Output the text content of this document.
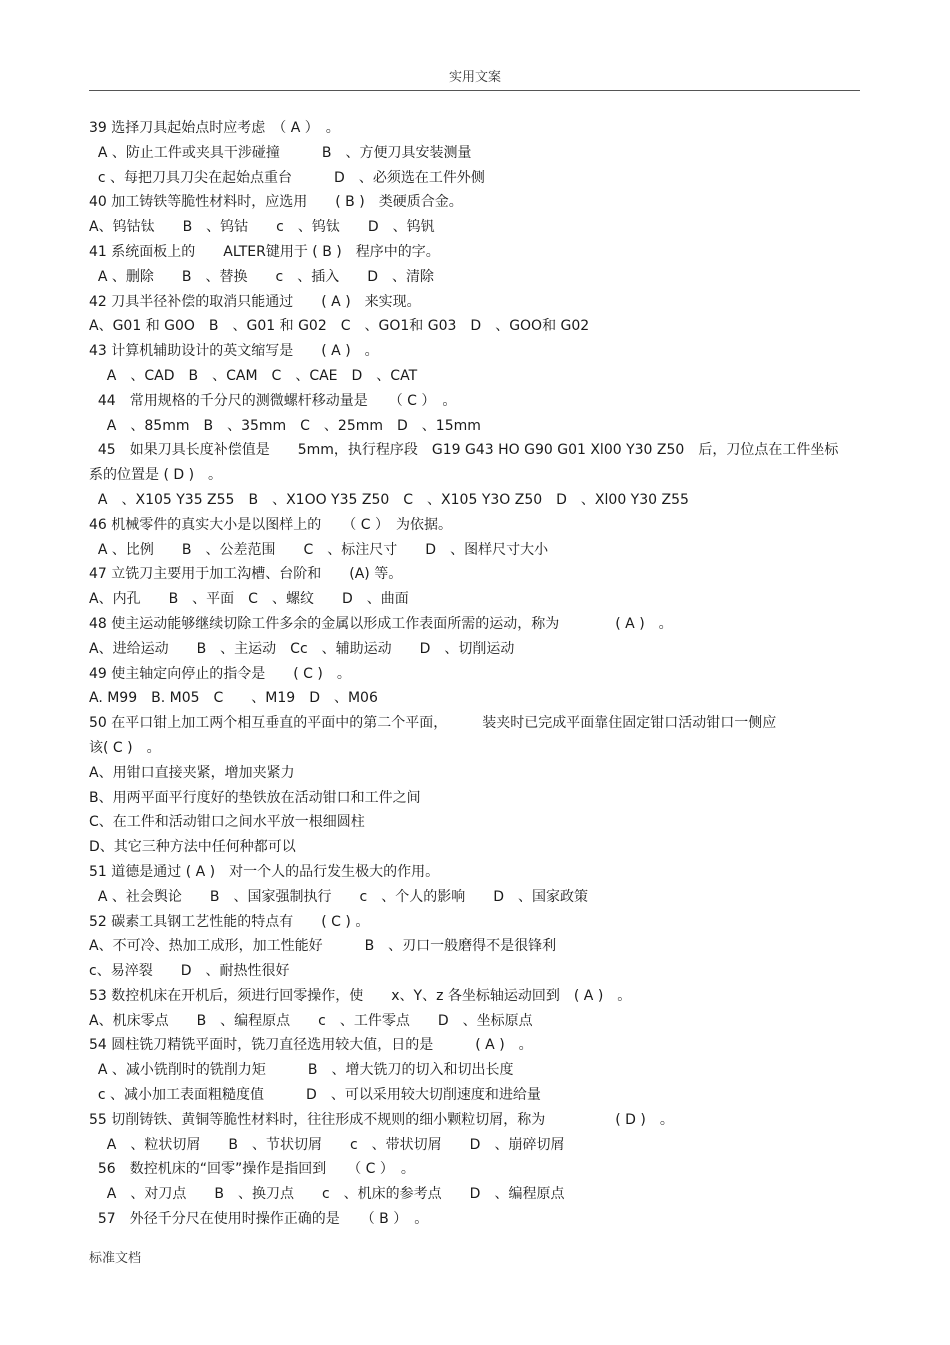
实用文案
39 选择刀具起始点时应考虑　（ A ）　。
A 、防止工件或夹具干涉碰撞　　　B　、方便刀具安装测量
c 、每把刀具刀尖在起始点重台　　　D　、必须选在工件外侧
40 加工铸铁等脆性材料时，应选用　　( B )　类硬质合金。
A、钨钴钛　　B　、钨钴　　c　、钨钛　　D　、钨钒
41 系统面板上的　　ALTER键用于 ( B )　程序中的字。
A 、删除　　B　、替换　　c　、插入　　D　、清除
42 刀具半径补偿的取消只能通过　　( A )　来实现。
A、G01 和 G0O　B　、G01 和 G02　C　、GO1和 G03　D　、GOO和 G02
43 计算机辅助设计的英文缩写是　　( A )　。
A　、CAD　B　、CAM　C　、CAE　D　、CAT
44　常用规格的千分尺的测微螺杆移动量是　　（ C ）　。
A　、85mm　B　、35mm　C　、25mm　D　、15mm
45　如果刀具长度补偿值是　　5mm，执行程序段　G19 G43 HO G90 G01 Xl00 Y30 Z50　后，刀位点在工件坐标
系的位置是 ( D )　。
A　、X105 Y35 Z55　B　、X1OO Y35 Z50　C　、X105 Y3O Z50　D　、Xl00 Y30 Z55
46 机械零件的真实大小是以图样上的　　（ C ）　为依据。
A 、比例　　B　、公差范围　　C　、标注尺寸　　D　、图样尺寸大小
47 立铣刀主要用于加工沟槽、台阶和　　(A) 等。
A、内孔　　B　、平面　C　、螺纹　　D　、曲面
48 使主运动能够继续切除工件多余的金属以形成工作表面所需的运动，称为　　　　( A )　。
A、进给运动　　B　、主运动　Cc　、辅助运动　　D　、切削运动
49 使主轴定向停止的指令是　　( C )　。
A. M99　B. M05　C　　、M19　D　、M06
50 在平口钳上加工两个相互垂直的平面中的第二个平面，　　　装夹时已完成平面靠住固定钳口活动钳口一侧应
该( C )　。
A、用钳口直接夹紧，增加夹紧力
B、用两平面平行度好的垫铁放在活动钳口和工件之间
C、在工件和活动钳口之间水平放一根细圆柱
D、其它三种方法中任何种都可以
51 道德是通过 ( A )　对一个人的品行发生极大的作用。
A 、社会舆论　　B　、国家强制执行　　c　、个人的影响　　D　、国家政策
52 碳素工具钢工艺性能的特点有　　( C ) 。
A、不可冷、热加工成形，加工性能好　　　B　、刃口一般磨得不是很锋利
c、易淬裂　　D　、耐热性很好
53 数控机床在开机后，须进行回零操作，使　　x、Y、z 各坐标轴运动回到　( A )　。
A、机床零点　　B　、编程原点　　c　、工件零点　　D　、坐标原点
54 圆柱铣刀精铣平面时，铣刀直径选用较大值，日的是　　　( A )　。
A 、减小铣削时的铣削力矩　　　B　、增大铣刀的切入和切出长度
c 、减小加工表面粗糙度值　　　D　、可以采用较大切削速度和进给量
55 切削铸铁、黄铜等脆性材料时，往往形成不规则的细小颗粒切屑，称为　　　　　( D )　。
A　、粒状切屑　　B　、节状切屑　　c　、带状切屑　　D　、崩碎切屑
56　数控机床的“回零”操作是指回到　　（ C ）　。
A　、对刀点　　B　、换刀点　　c　、机床的参考点　　D　、编程原点
57　外径千分尺在使用时操作正确的是　　（ B ）　。
标准文档
